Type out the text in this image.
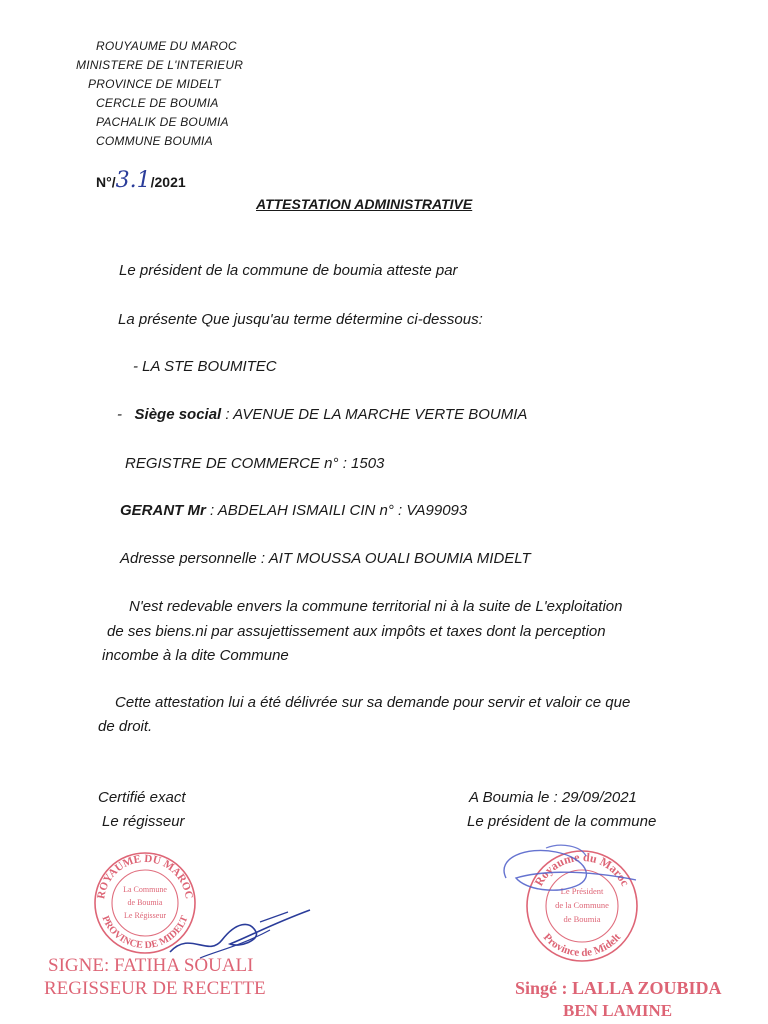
ROUYAUME DU MAROC
MINISTERE DE L'INTERIEUR
PROVINCE DE MIDELT
CERCLE DE BOUMIA
PACHALIK DE BOUMIA
COMMUNE BOUMIA
N°/3.1/2021
ATTESTATION ADMINISTRATIVE
Le président de la commune de boumia atteste par
La présente Que jusqu'au terme détermine ci-dessous:
- LA STE BOUMITEC
- Siège social : AVENUE DE LA MARCHE VERTE BOUMIA
REGISTRE DE COMMERCE n° : 1503
GERANT Mr : ABDELAH ISMAILI CIN n° : VA99093
Adresse personnelle : AIT MOUSSA OUALI BOUMIA MIDELT
N'est redevable envers la commune territorial ni à la suite de L'exploitation
de ses biens.ni par assujettissement aux impôts et taxes dont la perception
incombe à la dite Commune
Cette attestation lui a été délivrée sur sa demande pour servir et valoir ce que
de droit.
Certifié exact
Le régisseur
ROYAUME DU MAROC
PROVINCE DE MIDELT
La Commune
de Boumia
Le Régisseur
SIGNE: FATIHA SOUALI
REGISSEUR DE RECETTE
A Boumia le : 29/09/2021
Le président de la commune
Royaume du Maroc
Province de Midelt
Le Président
de la Commune
de Boumia
Singé : LALLA ZOUBIDA
BEN LAMINE
